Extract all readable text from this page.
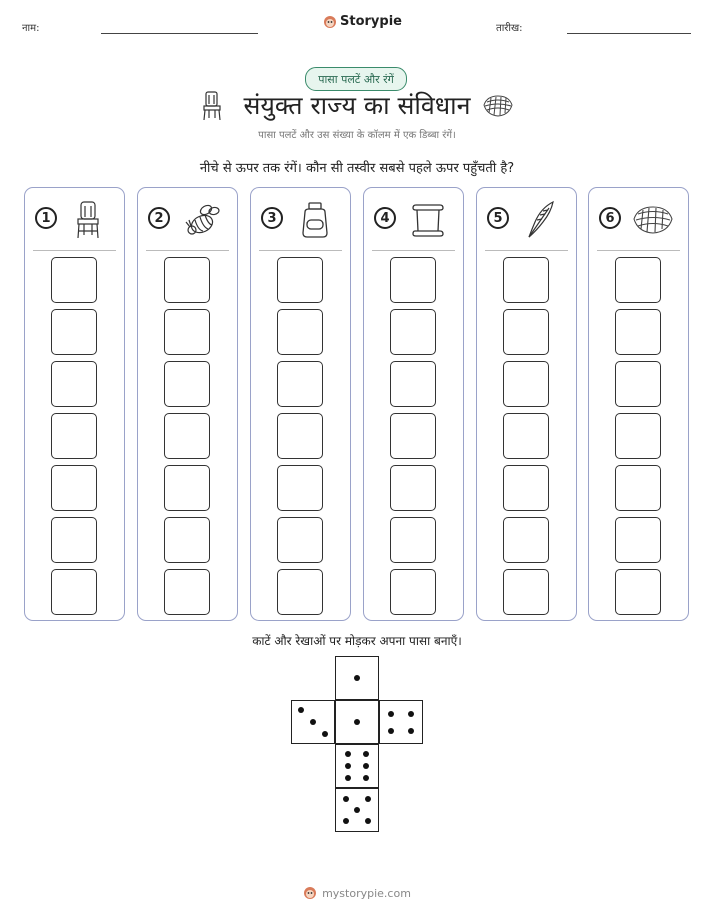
नाम:	Storypie	तारीख:
पासा पलटें और रंगें
संयुक्त राज्य का संविधान
पासा पलटें और उस संख्या के कॉलम में एक डिब्बा रंगें।
नीचे से ऊपर तक रंगें। कौन सी तस्वीर सबसे पहले ऊपर पहुँचती है?
1	2	3	4	5	6
काटें और रेखाओं पर मोड़कर अपना पासा बनाएँ।
mystorypie.com
